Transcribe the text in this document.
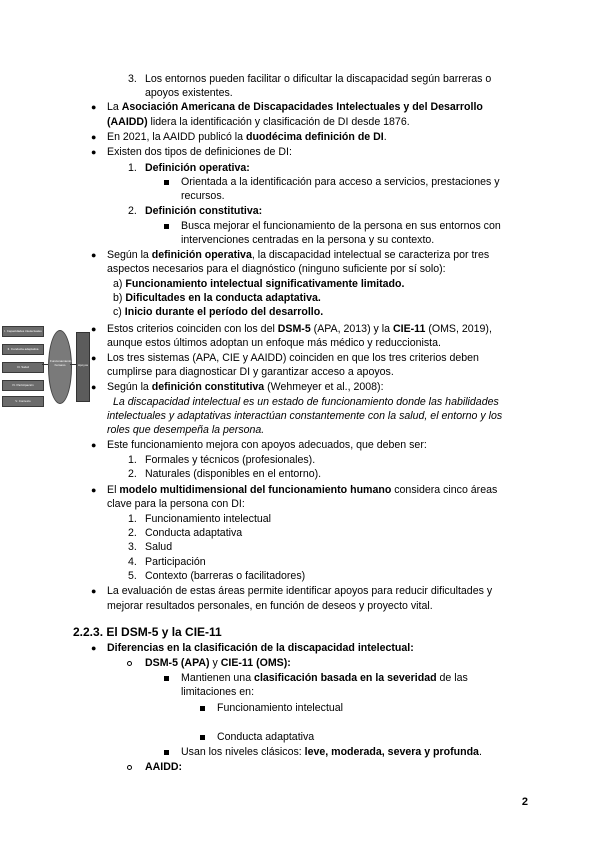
3. Los entornos pueden facilitar o dificultar la discapacidad según barreras o
apoyos existentes.
● La Asociación Americana de Discapacidades Intelectuales y del Desarrollo
(AAIDD) lidera la identificación y clasificación de DI desde 1876.
● En 2021, la AAIDD publicó la duodécima definición de DI.
● Existen dos tipos de definiciones de DI:
1. Definición operativa:
Orientada a la identificación para acceso a servicios, prestaciones y
recursos.
2. Definición constitutiva:
Busca mejorar el funcionamiento de la persona en sus entornos con
intervenciones centradas en la persona y su contexto.
● Según la definición operativa, la discapacidad intelectual se caracteriza por tres
aspectos necesarios para el diagnóstico (ninguno suficiente por sí solo):
a) Funcionamiento intelectual significativamente limitado.
b) Dificultades en la conducta adaptativa.
c) Inicio durante el período del desarrollo.
I. Capacidades intelectuales
II. Conducta adaptativa
III. Salud
IV. Participación
V. Contexto
Funcionamiento humano	Apoyos
● Estos criterios coinciden con los del DSM-5 (APA, 2013) y la CIE-11 (OMS, 2019),
aunque estos últimos adoptan un enfoque más médico y reduccionista.
● Los tres sistemas (APA, CIE y AAIDD) coinciden en que los tres criterios deben
cumplirse para diagnosticar DI y garantizar acceso a apoyos.
● Según la definición constitutiva (Wehmeyer et al., 2008):
La discapacidad intelectual es un estado de funcionamiento donde las habilidades
intelectuales y adaptativas interactúan constantemente con la salud, el entorno y los
roles que desempeña la persona.
● Este funcionamiento mejora con apoyos adecuados, que deben ser:
1. Formales y técnicos (profesionales).
2. Naturales (disponibles en el entorno).
● El modelo multidimensional del funcionamiento humano considera cinco áreas
clave para la persona con DI:
1. Funcionamiento intelectual
2. Conducta adaptativa
3. Salud
4. Participación
5. Contexto (barreras o facilitadores)
● La evaluación de estas áreas permite identificar apoyos para reducir dificultades y
mejorar resultados personales, en función de deseos y proyecto vital.
2.2.3. El DSM-5 y la CIE-11
● Diferencias en la clasificación de la discapacidad intelectual:
DSM-5 (APA) y CIE-11 (OMS):
Mantienen una clasificación basada en la severidad de las
limitaciones en:
Funcionamiento intelectual
Conducta adaptativa
Usan los niveles clásicos: leve, moderada, severa y profunda.
AAIDD:
2
